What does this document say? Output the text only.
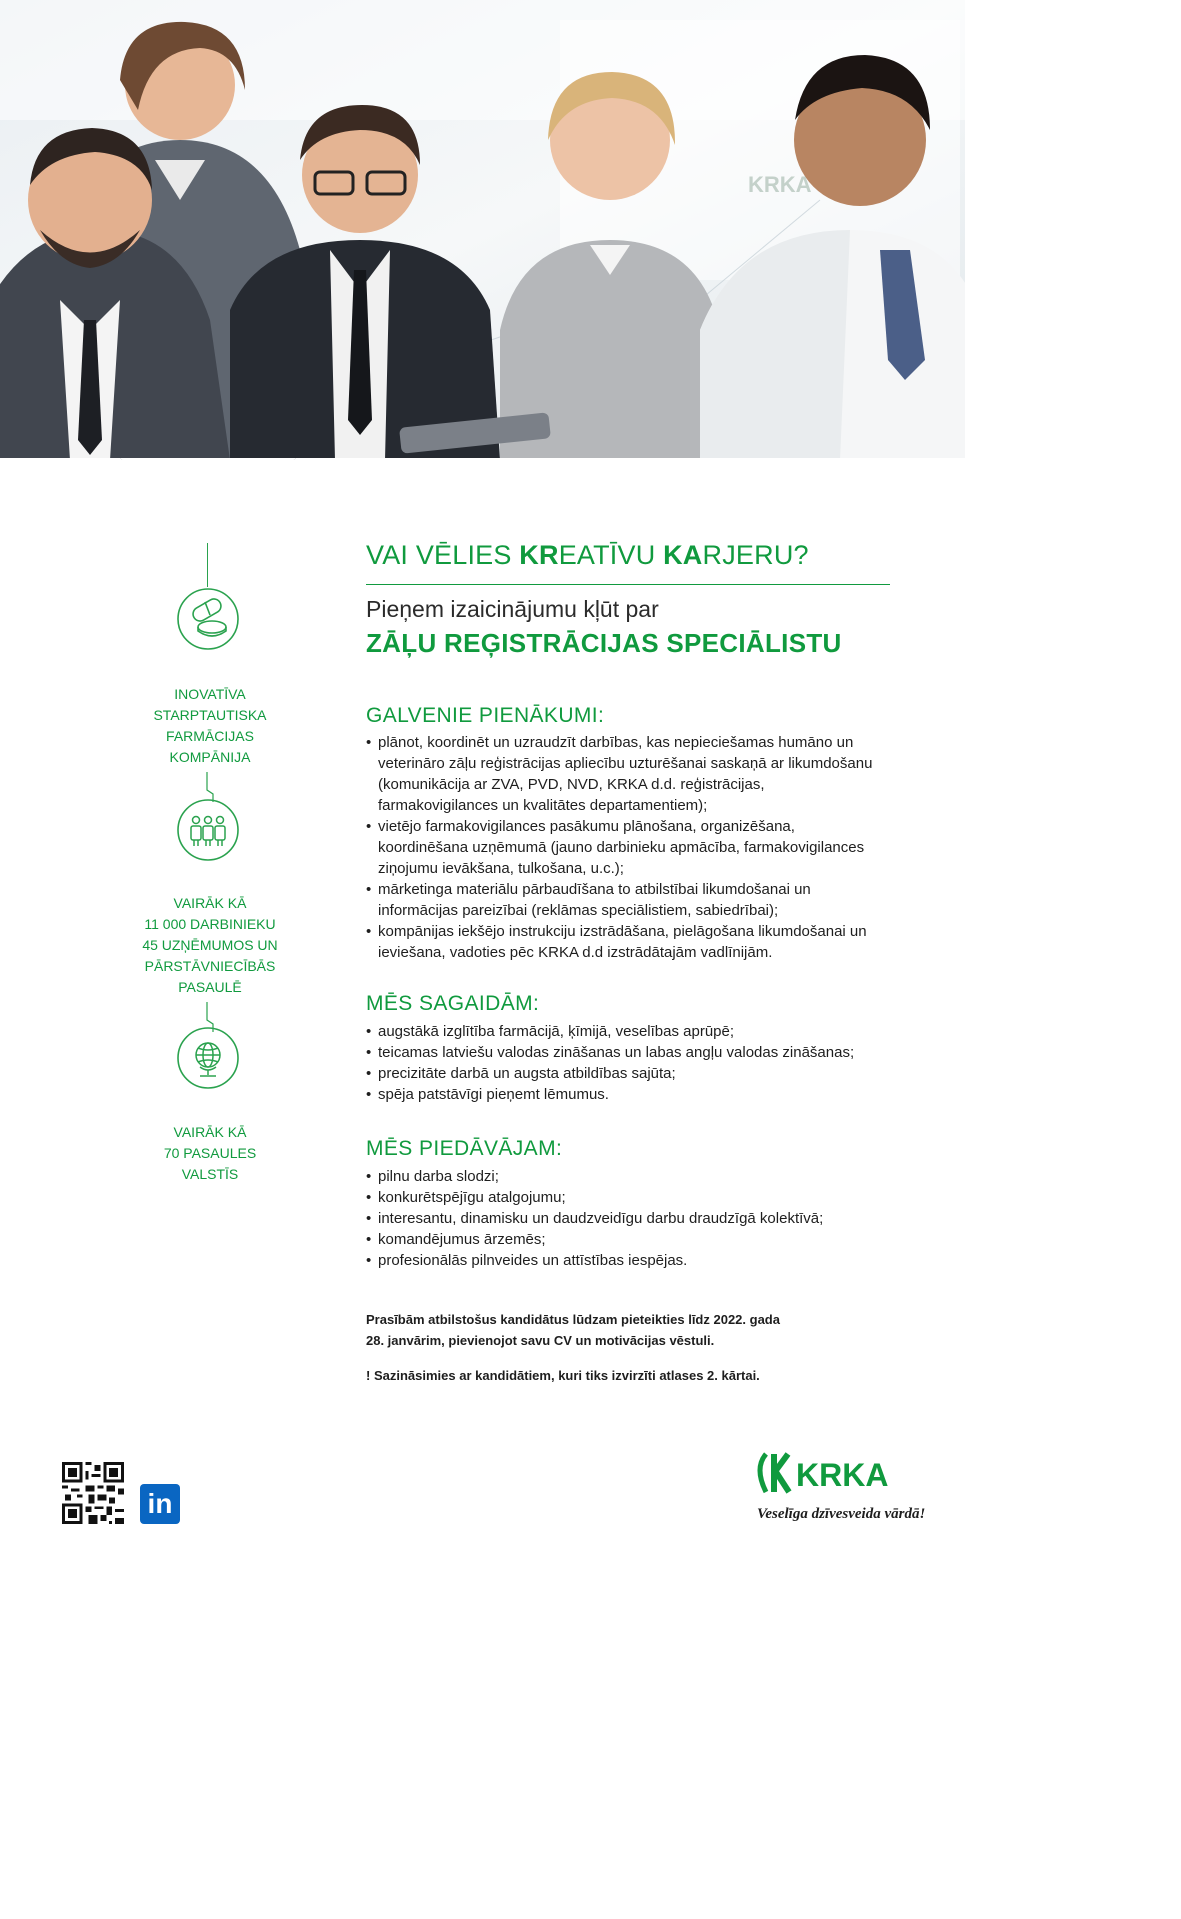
KRKA
VAI VĒLIES KREATĪVU KARJERU?
Pieņem izaicinājumu kļūt par
ZĀĻU REĢISTRĀCIJAS SPECIĀLISTU
INOVATĪVA
STARPTAUTISKA
FARMĀCIJAS
KOMPĀNIJA
VAIRĀK KĀ
11 000 DARBINIEKU
45 UZŅĒMUMOS UN
PĀRSTĀVNIECĪBĀS
PASAULĒ
VAIRĀK KĀ
70 PASAULES
VALSTĪS
GALVENIE PIENĀKUMI:
• plānot, koordinēt un uzraudzīt darbības, kas nepieciešamas humāno un veterināro zāļu reģistrācijas apliecību uzturēšanai saskaņā ar likumdošanu (komunikācija ar ZVA, PVD, NVD, KRKA d.d. reģistrācijas, farmakovigilances un kvalitātes departamentiem);
• vietējo farmakovigilances pasākumu plānošana, organizēšana, koordinēšana uzņēmumā (jauno darbinieku apmācība, farmakovigilances ziņojumu ievākšana, tulkošana, u.c.);
• mārketinga materiālu pārbaudīšana to atbilstībai likumdošanai un informācijas pareizībai (reklāmas speciālistiem, sabiedrībai);
• kompānijas iekšējo instrukciju izstrādāšana, pielāgošana likumdošanai un ieviešana, vadoties pēc KRKA d.d izstrādātajām vadlīnijām.
MĒS SAGAIDĀM:
• augstākā izglītība farmācijā, ķīmijā, veselības aprūpē;
• teicamas latviešu valodas zināšanas un labas angļu valodas zināšanas;
• precizitāte darbā un augsta atbildības sajūta;
• spēja patstāvīgi pieņemt lēmumus.
MĒS PIEDĀVĀJAM:
• pilnu darba slodzi;
• konkurētspējīgu atalgojumu;
• interesantu, dinamisku un daudzveidīgu darbu draudzīgā kolektīvā;
• komandējumus ārzemēs;
• profesionālās pilnveides un attīstības iespējas.
Prasībām atbilstošus kandidātus lūdzam pieteikties līdz 2022. gada
28. janvārim, pievienojot savu CV un motivācijas vēstuli.
! Sazināsimies ar kandidātiem, kuri tiks izvirzīti atlases 2. kārtai.
in
KRKA
Veselīga dzīvesveida vārdā!
